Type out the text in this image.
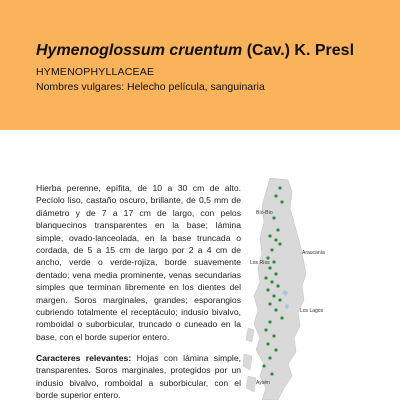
Hymenoglossum cruentum (Cav.) K. Presl
HYMENOPHYLLACEAE
Nombres vulgares: Helecho película, sanguinaria

Hierba perenne, epífita, de 10 a 30 cm de alto. Pecíolo liso, castaño oscuro, brillante, de 0,5 mm de diámetro y de 7 a 17 cm de largo, con pelos blanquecinos transparentes en la base; lámina simple, ovado-lanceolada, en la base truncada o cordada, de 5 a 15 cm de largo por 2 a 4 cm de ancho, verde o verde-rojiza, borde suavemente dentado; vena media prominente, venas secundarias simples que terminan libremente en los dientes del margen. Soros marginales, grandes; esporangios cubriendo totalmente el receptáculo; indusio bivalvo, romboidal o suborbicular, truncado o cuneado en la base, con el borde superior entero.

Caracteres relevantes: Hojas con lámina simple, transparentes. Soros marginales, protegidos por un indusio bivalvo, romboidal a suborbicular, con el borde superior entero.
Bío-Bío
Araucanía
Los Ríos
Los Lagos
Aysén
